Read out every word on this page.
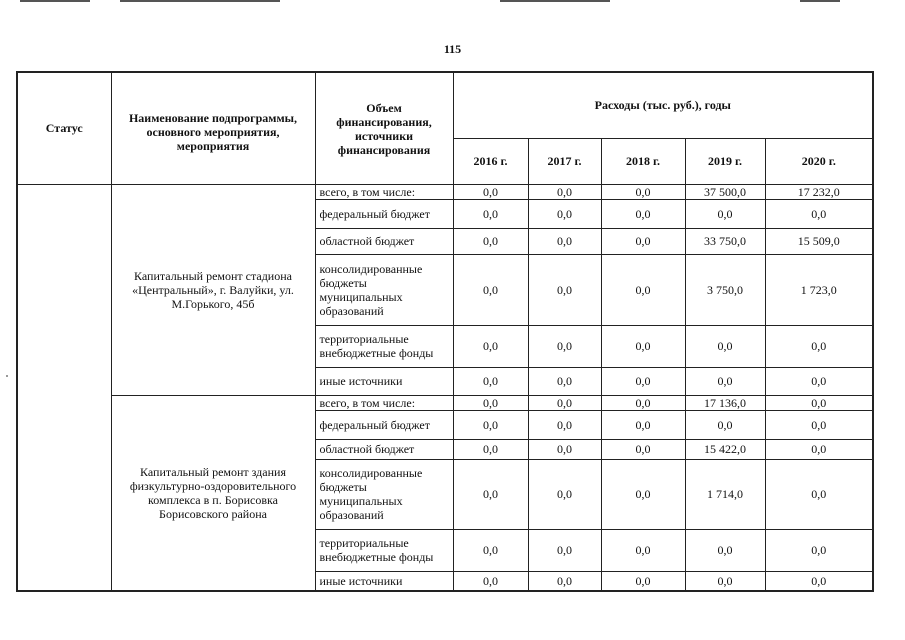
115
Статус	Наименование подпрограммы, основного мероприятия, мероприятия	Объем финансирования, источники финансирования	Расходы (тыс. руб.), годы				
			2016 г.	2017 г.	2018 г.	2019 г.	2020 г.
	Капитальный ремонт стадиона «Центральный», г. Валуйки, ул. М.Горького, 45б	всего, в том числе:	0,0	0,0	0,0	37 500,0	17 232,0
		федеральный бюджет	0,0	0,0	0,0	0,0	0,0
		областной бюджет	0,0	0,0	0,0	33 750,0	15 509,0
		консолидированные бюджеты муниципальных образований	0,0	0,0	0,0	3 750,0	1 723,0
		территориальные внебюджетные фонды	0,0	0,0	0,0	0,0	0,0
		иные источники	0,0	0,0	0,0	0,0	0,0
	Капитальный ремонт здания физкультурно-оздоровительного комплекса в п. Борисовка Борисовского района	всего, в том числе:	0,0	0,0	0,0	17 136,0	0,0
		федеральный бюджет	0,0	0,0	0,0	0,0	0,0
		областной бюджет	0,0	0,0	0,0	15 422,0	0,0
		консолидированные бюджеты муниципальных образований	0,0	0,0	0,0	1 714,0	0,0
		территориальные внебюджетные фонды	0,0	0,0	0,0	0,0	0,0
		иные источники	0,0	0,0	0,0	0,0	0,0
